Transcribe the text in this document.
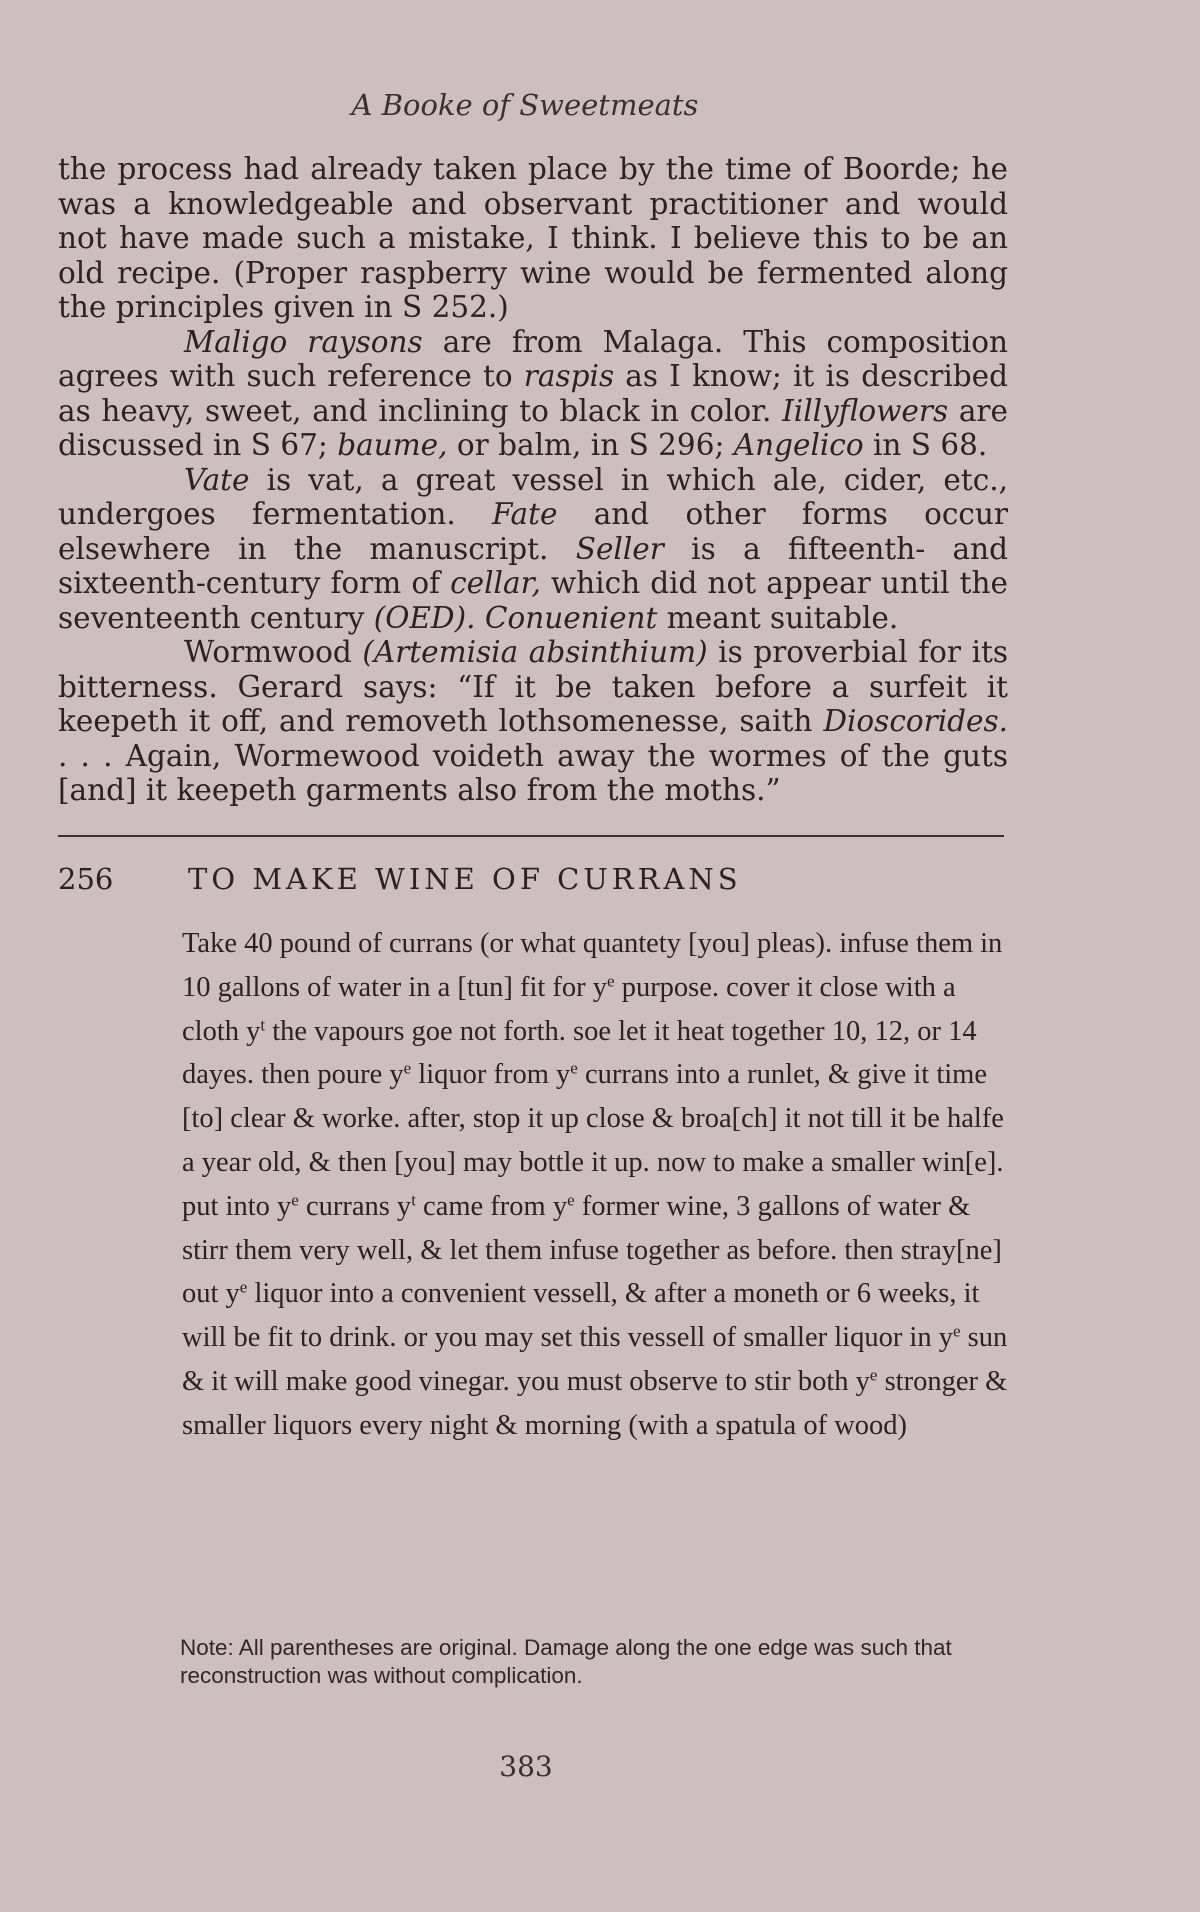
A Booke of Sweetmeats

the process had already taken place by the time of Boorde; he was a knowledgeable and observant practitioner and would not have made such a mistake, I think. I believe this to be an old recipe. (Proper raspberry wine would be fermented along the principles given in S 252.)

Maligo raysons are from Malaga. This composition agrees with such reference to raspis as I know; it is described as heavy, sweet, and inclining to black in color. Iillyflowers are discussed in S 67; baume, or balm, in S 296; Angelico in S 68.

Vate is vat, a great vessel in which ale, cider, etc., undergoes fermentation. Fate and other forms occur elsewhere in the manuscript. Seller is a fifteenth- and sixteenth-century form of cellar, which did not appear until the seventeenth century (OED). Conuenient meant suitable.

Wormwood (Artemisia absinthium) is proverbial for its bitterness. Gerard says: “If it be taken before a surfeit it keepeth it off, and removeth lothsomenesse, saith Dioscorides. . . . Again, Wormewood voideth away the wormes of the guts [and] it keepeth garments also from the moths.”

256	TO MAKE WINE OF CURRANS

Take 40 pound of currans (or what quantety [you] pleas). infuse them in 10 gallons of water in a [tun] fit for $y^e$ purpose. cover it close with a cloth $y^t$ the vapours goe not forth. soe let it heat together 10, 12, or 14 dayes. then poure $y^e$ liquor from $y^e$ currans into a runlet, & give it time [to] clear & worke. after, stop it up close & broa[ch] it not till it be halfe a year old, & then [you] may bottle it up. now to make a smaller win[e]. put into $y^e$ currans $y^t$ came from $y^e$ former wine, 3 gallons of water & stirr them very well, & let them infuse together as before. then stray[ne] out $y^e$ liquor into a convenient vessell, & after a moneth or 6 weeks, it will be fit to drink. or you may set this vessell of smaller liquor in $y^e$ sun & it will make good vinegar. you must observe to stir both $y^e$ stronger & smaller liquors every night & morning (with a spatula of wood)

Note: All parentheses are original. Damage along the one edge was such that reconstruction was without complication.
383
